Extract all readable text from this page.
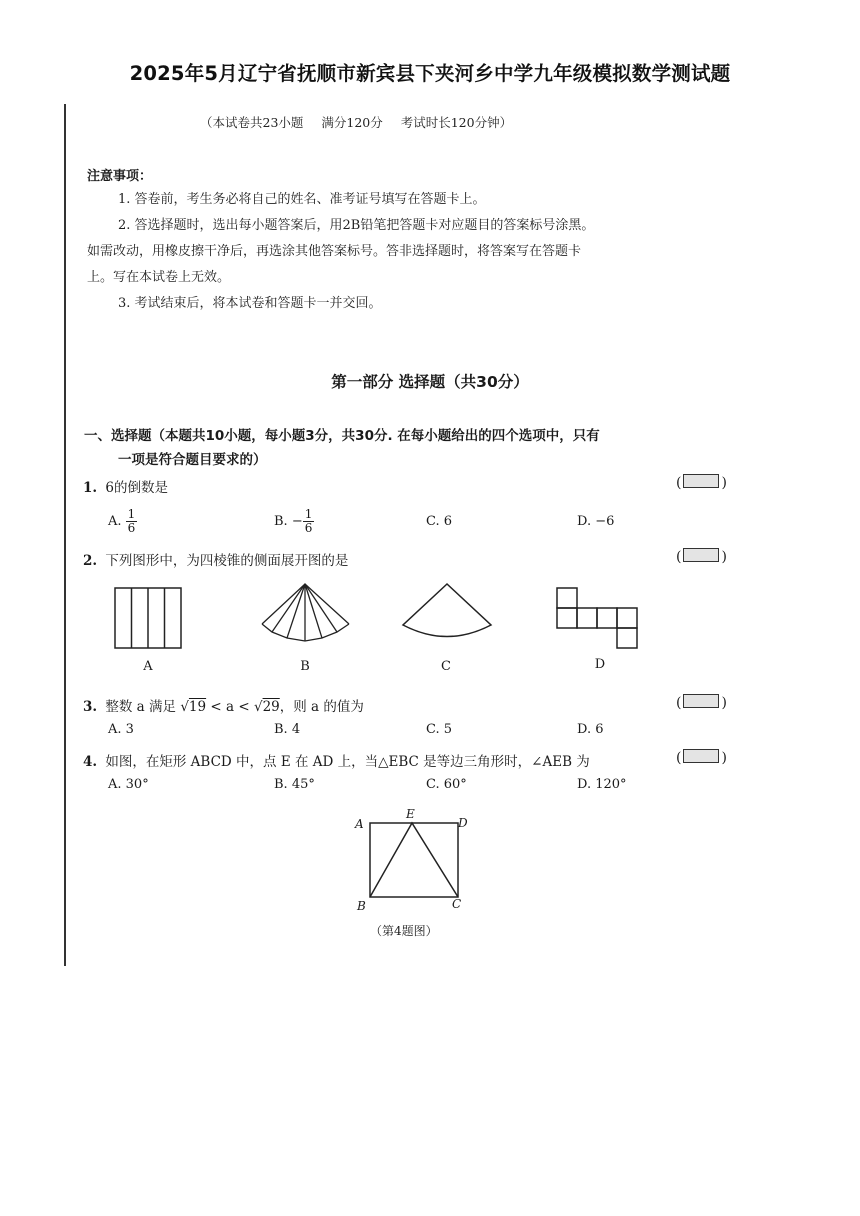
2025年5月辽宁省抚顺市新宾县下夹河乡中学九年级模拟数学测试题
（本试卷共23小题 满分120分 考试时长120分钟）
注意事项：
1. 答卷前，考生务必将自己的姓名、准考证号填写在答题卡上。
2. 答选择题时，选出每小题答案后，用2B铅笔把答题卡对应题目的答案标号涂黑。
如需改动，用橡皮擦干净后，再选涂其他答案标号。答非选择题时，将答案写在答题卡
上。写在本试卷上无效。
3. 考试结束后，将本试卷和答题卡一并交回。
第一部分 选择题（共30分）
一、选择题（本题共10小题，每小题3分，共30分. 在每小题给出的四个选项中，只有
一项是符合题目要求的）
1. 6的倒数是	(	)
A. $\frac{1}{6}$	B. − $\frac{1}{6}$	C. 6	D. −6
2. 下列图形中，为四棱锥的侧面展开图的是	(	)
A	B	C	D
3. 整数 a 满足 √19 < a < √29，则 a 的值为	(	)
A. 3	B. 4	C. 5	D. 6
4. 如图，在矩形 ABCD 中，点 E 在 AD 上，当△EBC 是等边三角形时，∠AEB 为	(	)
A. 30°	B. 45°	C. 60°	D. 120°
A
E
D
B	C
（第4题图）
